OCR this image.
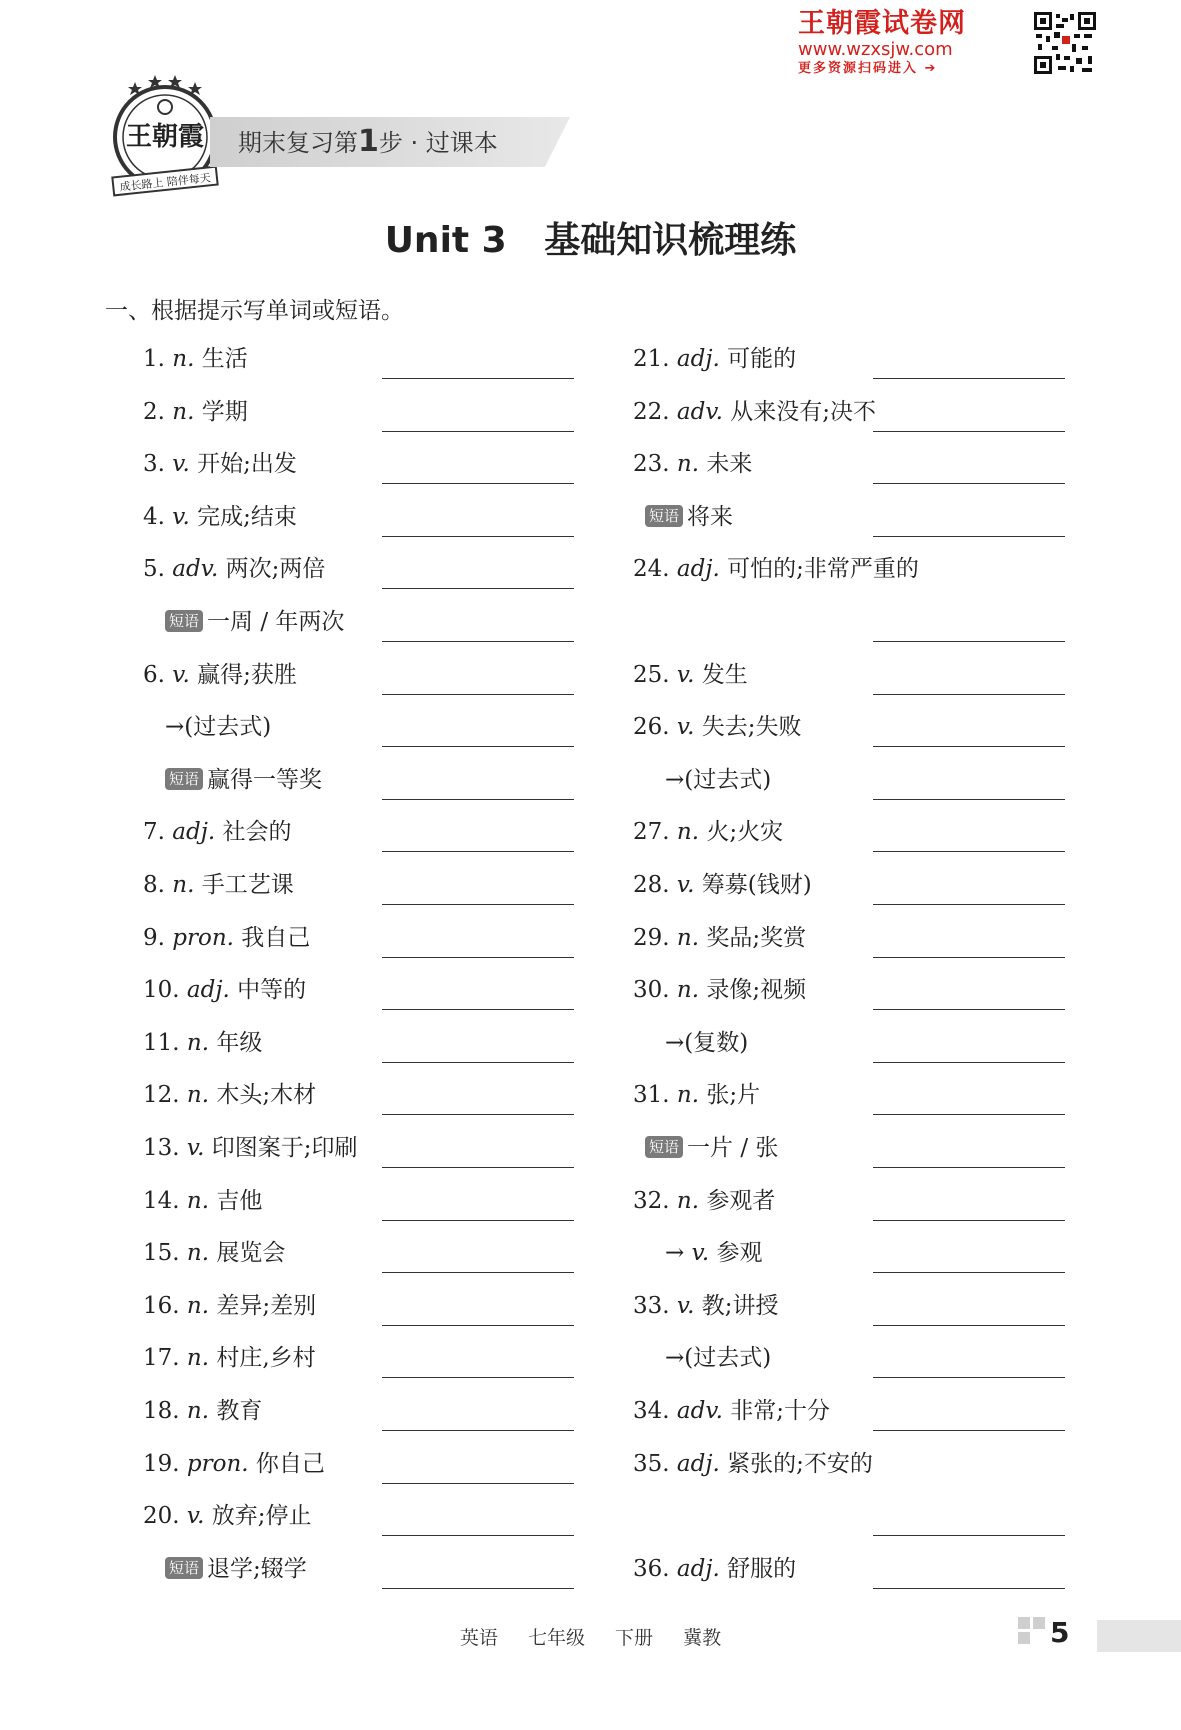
王朝霞试卷网
www.wzxsjw.com
更多资源扫码进入 ➔
王朝霞
成长路上 陪伴每天
期末复习第1步 · 过课本
Unit 3   基础知识梳理练
一、根据提示写单词或短语。
1. n. 生活
2. n. 学期
3. v. 开始;出发
4. v. 完成;结束
5. adv. 两次;两倍
短语 一周 / 年两次
6. v. 赢得;获胜
→(过去式)
短语 赢得一等奖
7. adj. 社会的
8. n. 手工艺课
9. pron. 我自己
10. adj. 中等的
11. n. 年级
12. n. 木头;木材
13. v. 印图案于;印刷
14. n. 吉他
15. n. 展览会
16. n. 差异;差别
17. n. 村庄,乡村
18. n. 教育
19. pron. 你自己
20. v. 放弃;停止
短语 退学;辍学
21. adj. 可能的
22. adv. 从来没有;决不
23. n. 未来
短语 将来
24. adj. 可怕的;非常严重的
25. v. 发生
26. v. 失去;失败
→(过去式)
27. n. 火;火灾
28. v. 筹募(钱财)
29. n. 奖品;奖赏
30. n. 录像;视频
→(复数)
31. n. 张;片
短语 一片 / 张
32. n. 参观者
→ v. 参观
33. v. 教;讲授
→(过去式)
34. adv. 非常;十分
35. adj. 紧张的;不安的
36. adj. 舒服的
英语 七年级 下册 冀教	5
